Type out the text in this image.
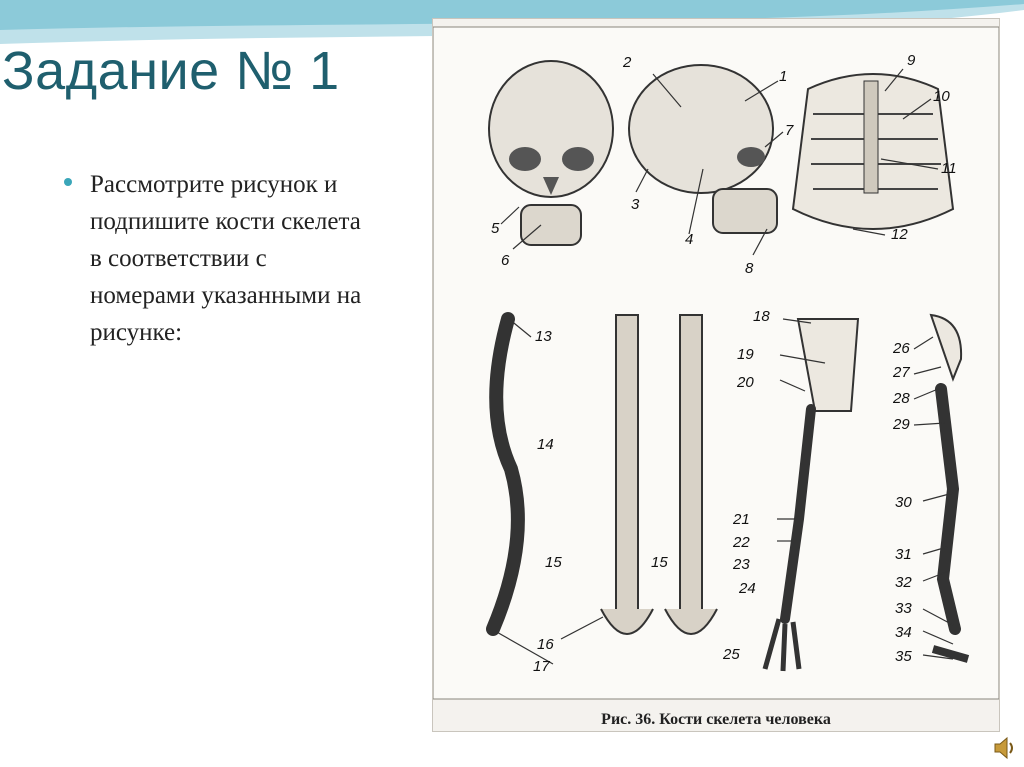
Задание № 1
Рассмотрите рисунок и подпишите кости скелета в соответствии с номерами указанными на рисунке:
2
1
7
3
4
5
6	8
9
10
11
12
13
14
15	15
16
17
18
19
20
21
22
23
24
25
26
27
28
29
30
31
32
33
34
35
Рис. 36. Кости скелета человека
